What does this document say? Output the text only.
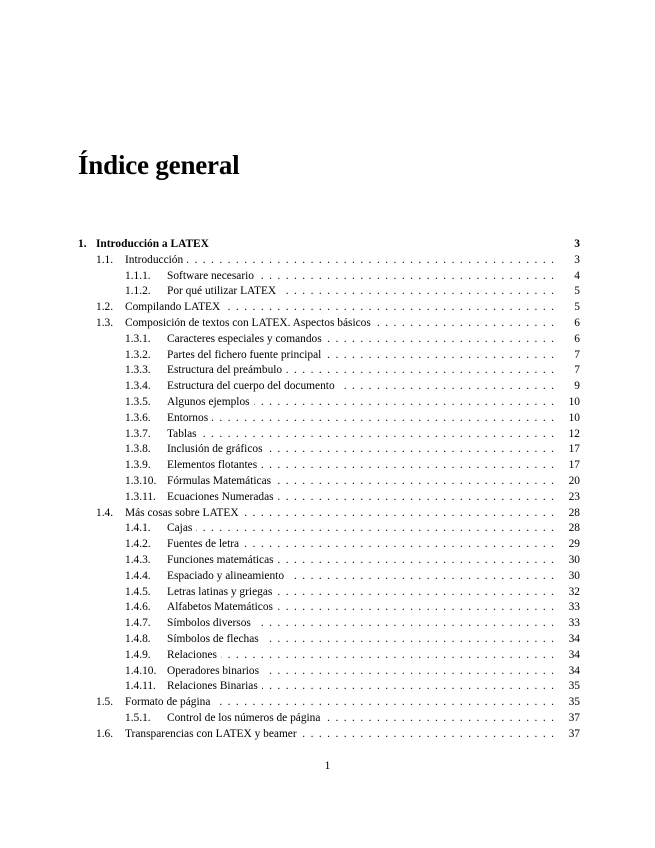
Índice general
1. Introducción a LATEX	3
1.1.	Introducción . . .	3
1.1.1.	Software necesario . . .	4
1.1.2.	Por qué utilizar LATEX . . .	5
1.2.	Compilando LATEX . . .	5
1.3.	Composición de textos con LATEX. Aspectos básicos . . .	6
1.3.1.	Caracteres especiales y comandos . . .	6
1.3.2.	Partes del fichero fuente principal . . .	7
1.3.3.	Estructura del preámbulo . . .	7
1.3.4.	Estructura del cuerpo del documento . . .	9
1.3.5.	Algunos ejemplos . . .	10
1.3.6.	Entornos . . .	10
1.3.7.	Tablas . . .	12
1.3.8.	Inclusión de gráficos . . .	17
1.3.9.	Elementos flotantes . . .	17
1.3.10. Fórmulas Matemáticas . . .	20
1.3.11. Ecuaciones Numeradas . . .	23
1.4.	Más cosas sobre LATEX . . .	28
1.4.1.	Cajas . . .	28
1.4.2.	Fuentes de letra . . .	29
1.4.3.	Funciones matemáticas . . .	30
1.4.4.	Espaciado y alineamiento . . .	30
1.4.5.	Letras latinas y griegas . . .	32
1.4.6.	Alfabetos Matemáticos . . .	33
1.4.7.	Símbolos diversos . . .	33
1.4.8.	Símbolos de flechas . . .	34
1.4.9.	Relaciones . . .	34
1.4.10. Operadores binarios . . .	34
1.4.11. Relaciones Binarias . . .	35
1.5.	Formato de página . . .	35
1.5.1.	Control de los números de página . . .	37
1.6.	Transparencias con LATEX y beamer . . .	37
1
